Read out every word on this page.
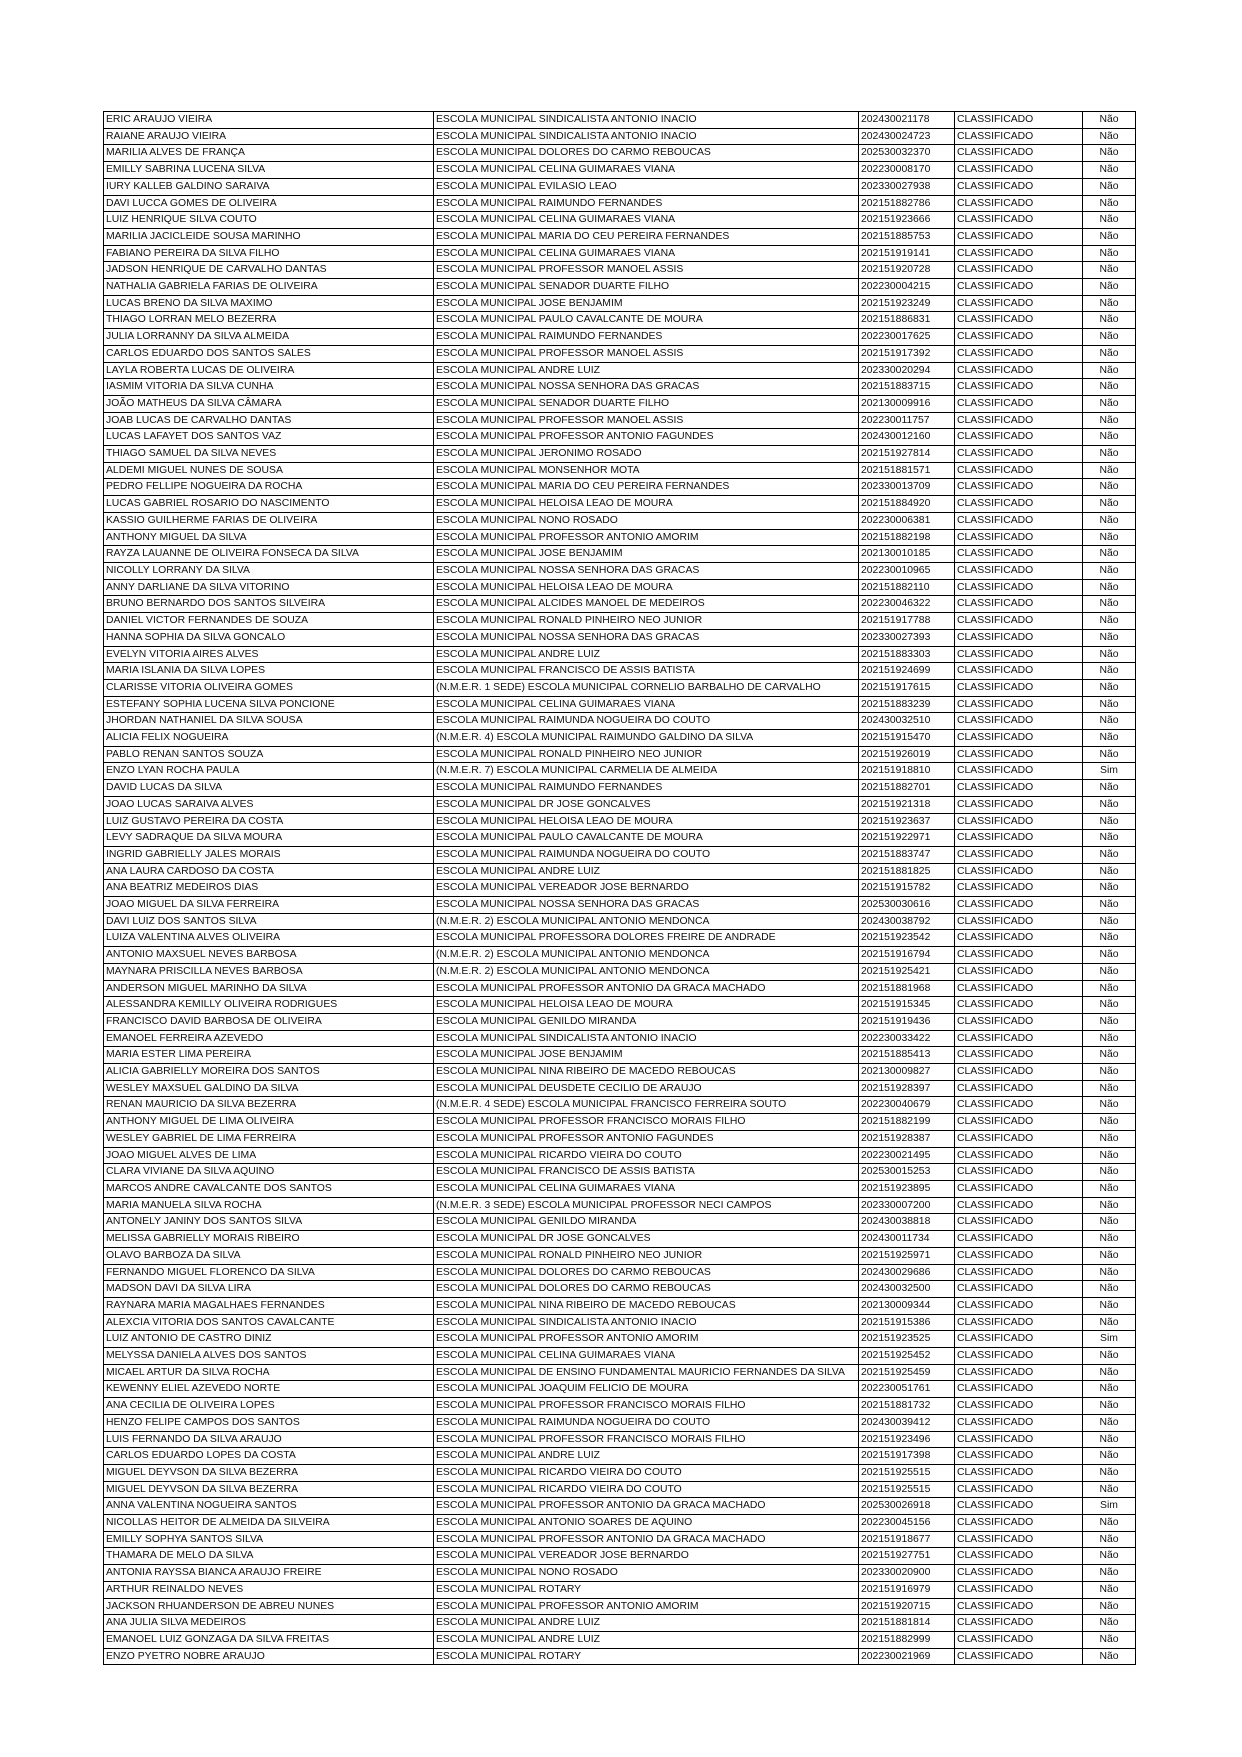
ERIC ARAUJO VIEIRA	ESCOLA MUNICIPAL SINDICALISTA ANTONIO INACIO	202430021178	CLASSIFICADO	Não
RAIANE ARAUJO VIEIRA	ESCOLA MUNICIPAL SINDICALISTA ANTONIO INACIO	202430024723	CLASSIFICADO	Não
MARILIA ALVES DE FRANÇA	ESCOLA MUNICIPAL DOLORES DO CARMO REBOUCAS	202530032370	CLASSIFICADO	Não
EMILLY SABRINA LUCENA SILVA	ESCOLA MUNICIPAL CELINA GUIMARAES VIANA	202230008170	CLASSIFICADO	Não
IURY KALLEB GALDINO SARAIVA	ESCOLA MUNICIPAL EVILASIO LEAO	202330027938	CLASSIFICADO	Não
DAVI LUCCA GOMES DE OLIVEIRA	ESCOLA MUNICIPAL RAIMUNDO FERNANDES	202151882786	CLASSIFICADO	Não
LUIZ HENRIQUE SILVA COUTO	ESCOLA MUNICIPAL CELINA GUIMARAES VIANA	202151923666	CLASSIFICADO	Não
MARILIA JACICLEIDE SOUSA MARINHO	ESCOLA MUNICIPAL MARIA DO CEU PEREIRA FERNANDES	202151885753	CLASSIFICADO	Não
FABIANO PEREIRA DA SILVA FILHO	ESCOLA MUNICIPAL CELINA GUIMARAES VIANA	202151919141	CLASSIFICADO	Não
JADSON HENRIQUE DE CARVALHO DANTAS	ESCOLA MUNICIPAL PROFESSOR MANOEL ASSIS	202151920728	CLASSIFICADO	Não
NATHALIA GABRIELA FARIAS DE OLIVEIRA	ESCOLA MUNICIPAL SENADOR DUARTE FILHO	202230004215	CLASSIFICADO	Não
LUCAS BRENO DA SILVA MAXIMO	ESCOLA MUNICIPAL JOSE BENJAMIM	202151923249	CLASSIFICADO	Não
THIAGO LORRAN MELO BEZERRA	ESCOLA MUNICIPAL PAULO CAVALCANTE DE MOURA	202151886831	CLASSIFICADO	Não
JULIA LORRANNY DA SILVA ALMEIDA	ESCOLA MUNICIPAL RAIMUNDO FERNANDES	202230017625	CLASSIFICADO	Não
CARLOS EDUARDO DOS SANTOS SALES	ESCOLA MUNICIPAL PROFESSOR MANOEL ASSIS	202151917392	CLASSIFICADO	Não
LAYLA ROBERTA LUCAS DE OLIVEIRA	ESCOLA MUNICIPAL ANDRE LUIZ	202330020294	CLASSIFICADO	Não
IASMIM VITORIA DA SILVA CUNHA	ESCOLA MUNICIPAL NOSSA SENHORA DAS GRACAS	202151883715	CLASSIFICADO	Não
JOÃO MATHEUS DA SILVA CÂMARA	ESCOLA MUNICIPAL SENADOR DUARTE FILHO	202130009916	CLASSIFICADO	Não
JOAB LUCAS DE CARVALHO DANTAS	ESCOLA MUNICIPAL PROFESSOR MANOEL ASSIS	202230011757	CLASSIFICADO	Não
LUCAS LAFAYET DOS SANTOS VAZ	ESCOLA MUNICIPAL PROFESSOR ANTONIO FAGUNDES	202430012160	CLASSIFICADO	Não
THIAGO SAMUEL DA SILVA NEVES	ESCOLA MUNICIPAL JERONIMO ROSADO	202151927814	CLASSIFICADO	Não
ALDEMI MIGUEL NUNES DE SOUSA	ESCOLA MUNICIPAL MONSENHOR MOTA	202151881571	CLASSIFICADO	Não
PEDRO FELLIPE NOGUEIRA DA ROCHA	ESCOLA MUNICIPAL MARIA DO CEU PEREIRA FERNANDES	202330013709	CLASSIFICADO	Não
LUCAS GABRIEL ROSARIO DO NASCIMENTO	ESCOLA MUNICIPAL HELOISA LEAO DE MOURA	202151884920	CLASSIFICADO	Não
KASSIO GUILHERME FARIAS DE OLIVEIRA	ESCOLA MUNICIPAL NONO ROSADO	202230006381	CLASSIFICADO	Não
ANTHONY MIGUEL DA SILVA	ESCOLA MUNICIPAL PROFESSOR ANTONIO AMORIM	202151882198	CLASSIFICADO	Não
RAYZA LAUANNE DE OLIVEIRA FONSECA DA SILVA	ESCOLA MUNICIPAL JOSE BENJAMIM	202130010185	CLASSIFICADO	Não
NICOLLY LORRANY DA SILVA	ESCOLA MUNICIPAL NOSSA SENHORA DAS GRACAS	202230010965	CLASSIFICADO	Não
ANNY DARLIANE DA SILVA VITORINO	ESCOLA MUNICIPAL HELOISA LEAO DE MOURA	202151882110	CLASSIFICADO	Não
BRUNO BERNARDO DOS SANTOS SILVEIRA	ESCOLA MUNICIPAL ALCIDES MANOEL DE MEDEIROS	202230046322	CLASSIFICADO	Não
DANIEL VICTOR FERNANDES DE SOUZA	ESCOLA MUNICIPAL RONALD PINHEIRO NEO JUNIOR	202151917788	CLASSIFICADO	Não
HANNA SOPHIA DA SILVA GONCALO	ESCOLA MUNICIPAL NOSSA SENHORA DAS GRACAS	202330027393	CLASSIFICADO	Não
EVELYN VITORIA AIRES ALVES	ESCOLA MUNICIPAL ANDRE LUIZ	202151883303	CLASSIFICADO	Não
MARIA ISLANIA DA SILVA LOPES	ESCOLA MUNICIPAL FRANCISCO DE ASSIS BATISTA	202151924699	CLASSIFICADO	Não
CLARISSE VITORIA OLIVEIRA GOMES	(N.M.E.R. 1 SEDE) ESCOLA MUNICIPAL CORNELIO BARBALHO DE CARVALHO	202151917615	CLASSIFICADO	Não
ESTEFANY SOPHIA LUCENA SILVA PONCIONE	ESCOLA MUNICIPAL CELINA GUIMARAES VIANA	202151883239	CLASSIFICADO	Não
JHORDAN NATHANIEL DA SILVA SOUSA	ESCOLA MUNICIPAL RAIMUNDA NOGUEIRA DO COUTO	202430032510	CLASSIFICADO	Não
ALICIA FELIX NOGUEIRA	(N.M.E.R. 4) ESCOLA MUNICIPAL RAIMUNDO GALDINO DA SILVA	202151915470	CLASSIFICADO	Não
PABLO RENAN SANTOS SOUZA	ESCOLA MUNICIPAL RONALD PINHEIRO NEO JUNIOR	202151926019	CLASSIFICADO	Não
ENZO LYAN ROCHA PAULA	(N.M.E.R. 7) ESCOLA MUNICIPAL CARMELIA DE ALMEIDA	202151918810	CLASSIFICADO	Sim
DAVID LUCAS DA SILVA	ESCOLA MUNICIPAL RAIMUNDO FERNANDES	202151882701	CLASSIFICADO	Não
JOAO LUCAS SARAIVA ALVES	ESCOLA MUNICIPAL DR JOSE GONCALVES	202151921318	CLASSIFICADO	Não
LUIZ GUSTAVO PEREIRA DA COSTA	ESCOLA MUNICIPAL HELOISA LEAO DE MOURA	202151923637	CLASSIFICADO	Não
LEVY SADRAQUE DA SILVA MOURA	ESCOLA MUNICIPAL PAULO CAVALCANTE DE MOURA	202151922971	CLASSIFICADO	Não
INGRID GABRIELLY JALES MORAIS	ESCOLA MUNICIPAL RAIMUNDA NOGUEIRA DO COUTO	202151883747	CLASSIFICADO	Não
ANA LAURA CARDOSO DA COSTA	ESCOLA MUNICIPAL ANDRE LUIZ	202151881825	CLASSIFICADO	Não
ANA BEATRIZ MEDEIROS DIAS	ESCOLA MUNICIPAL VEREADOR JOSE BERNARDO	202151915782	CLASSIFICADO	Não
JOAO MIGUEL DA SILVA FERREIRA	ESCOLA MUNICIPAL NOSSA SENHORA DAS GRACAS	202530030616	CLASSIFICADO	Não
DAVI LUIZ DOS SANTOS SILVA	(N.M.E.R. 2) ESCOLA MUNICIPAL ANTONIO MENDONCA	202430038792	CLASSIFICADO	Não
LUIZA VALENTINA ALVES OLIVEIRA	ESCOLA MUNICIPAL PROFESSORA DOLORES FREIRE DE ANDRADE	202151923542	CLASSIFICADO	Não
ANTONIO MAXSUEL NEVES BARBOSA	(N.M.E.R. 2) ESCOLA MUNICIPAL ANTONIO MENDONCA	202151916794	CLASSIFICADO	Não
MAYNARA PRISCILLA NEVES BARBOSA	(N.M.E.R. 2) ESCOLA MUNICIPAL ANTONIO MENDONCA	202151925421	CLASSIFICADO	Não
ANDERSON MIGUEL MARINHO DA SILVA	ESCOLA MUNICIPAL PROFESSOR ANTONIO DA GRACA MACHADO	202151881968	CLASSIFICADO	Não
ALESSANDRA KEMILLY OLIVEIRA RODRIGUES	ESCOLA MUNICIPAL HELOISA LEAO DE MOURA	202151915345	CLASSIFICADO	Não
FRANCISCO DAVID BARBOSA DE OLIVEIRA	ESCOLA MUNICIPAL GENILDO MIRANDA	202151919436	CLASSIFICADO	Não
EMANOEL FERREIRA AZEVEDO	ESCOLA MUNICIPAL SINDICALISTA ANTONIO INACIO	202230033422	CLASSIFICADO	Não
MARIA ESTER LIMA PEREIRA	ESCOLA MUNICIPAL JOSE BENJAMIM	202151885413	CLASSIFICADO	Não
ALICIA GABRIELLY MOREIRA DOS SANTOS	ESCOLA MUNICIPAL NINA RIBEIRO DE MACEDO REBOUCAS	202130009827	CLASSIFICADO	Não
WESLEY MAXSUEL GALDINO DA SILVA	ESCOLA MUNICIPAL DEUSDETE CECILIO DE ARAUJO	202151928397	CLASSIFICADO	Não
RENAN MAURICIO DA SILVA BEZERRA	(N.M.E.R. 4 SEDE) ESCOLA MUNICIPAL FRANCISCO FERREIRA SOUTO	202230040679	CLASSIFICADO	Não
ANTHONY MIGUEL DE LIMA OLIVEIRA	ESCOLA MUNICIPAL PROFESSOR FRANCISCO MORAIS FILHO	202151882199	CLASSIFICADO	Não
WESLEY GABRIEL DE LIMA FERREIRA	ESCOLA MUNICIPAL PROFESSOR ANTONIO FAGUNDES	202151928387	CLASSIFICADO	Não
JOAO MIGUEL ALVES DE LIMA	ESCOLA MUNICIPAL RICARDO VIEIRA DO COUTO	202230021495	CLASSIFICADO	Não
CLARA VIVIANE DA SILVA AQUINO	ESCOLA MUNICIPAL FRANCISCO DE ASSIS BATISTA	202530015253	CLASSIFICADO	Não
MARCOS ANDRE CAVALCANTE DOS SANTOS	ESCOLA MUNICIPAL CELINA GUIMARAES VIANA	202151923895	CLASSIFICADO	Não
MARIA MANUELA SILVA ROCHA	(N.M.E.R. 3 SEDE) ESCOLA MUNICIPAL PROFESSOR NECI CAMPOS	202330007200	CLASSIFICADO	Não
ANTONELY JANINY DOS SANTOS SILVA	ESCOLA MUNICIPAL GENILDO MIRANDA	202430038818	CLASSIFICADO	Não
MELISSA GABRIELLY MORAIS RIBEIRO	ESCOLA MUNICIPAL DR JOSE GONCALVES	202430011734	CLASSIFICADO	Não
OLAVO BARBOZA DA SILVA	ESCOLA MUNICIPAL RONALD PINHEIRO NEO JUNIOR	202151925971	CLASSIFICADO	Não
FERNANDO MIGUEL FLORENCO DA SILVA	ESCOLA MUNICIPAL DOLORES DO CARMO REBOUCAS	202430029686	CLASSIFICADO	Não
MADSON DAVI DA SILVA LIRA	ESCOLA MUNICIPAL DOLORES DO CARMO REBOUCAS	202430032500	CLASSIFICADO	Não
RAYNARA MARIA MAGALHAES FERNANDES	ESCOLA MUNICIPAL NINA RIBEIRO DE MACEDO REBOUCAS	202130009344	CLASSIFICADO	Não
ALEXCIA VITORIA DOS SANTOS CAVALCANTE	ESCOLA MUNICIPAL SINDICALISTA ANTONIO INACIO	202151915386	CLASSIFICADO	Não
LUIZ ANTONIO DE CASTRO DINIZ	ESCOLA MUNICIPAL PROFESSOR ANTONIO AMORIM	202151923525	CLASSIFICADO	Sim
MELYSSA DANIELA ALVES DOS SANTOS	ESCOLA MUNICIPAL CELINA GUIMARAES VIANA	202151925452	CLASSIFICADO	Não
MICAEL ARTUR DA SILVA ROCHA	ESCOLA MUNICIPAL DE ENSINO FUNDAMENTAL MAURICIO FERNANDES DA SILVA	202151925459	CLASSIFICADO	Não
KEWENNY ELIEL AZEVEDO NORTE	ESCOLA MUNICIPAL JOAQUIM FELICIO DE MOURA	202230051761	CLASSIFICADO	Não
ANA CECILIA DE OLIVEIRA LOPES	ESCOLA MUNICIPAL PROFESSOR FRANCISCO MORAIS FILHO	202151881732	CLASSIFICADO	Não
HENZO FELIPE CAMPOS DOS SANTOS	ESCOLA MUNICIPAL RAIMUNDA NOGUEIRA DO COUTO	202430039412	CLASSIFICADO	Não
LUIS FERNANDO DA SILVA ARAUJO	ESCOLA MUNICIPAL PROFESSOR FRANCISCO MORAIS FILHO	202151923496	CLASSIFICADO	Não
CARLOS EDUARDO LOPES DA COSTA	ESCOLA MUNICIPAL ANDRE LUIZ	202151917398	CLASSIFICADO	Não
MIGUEL DEYVSON DA SILVA BEZERRA	ESCOLA MUNICIPAL RICARDO VIEIRA DO COUTO	202151925515	CLASSIFICADO	Não
MIGUEL DEYVSON DA SILVA BEZERRA	ESCOLA MUNICIPAL RICARDO VIEIRA DO COUTO	202151925515	CLASSIFICADO	Não
ANNA VALENTINA NOGUEIRA SANTOS	ESCOLA MUNICIPAL PROFESSOR ANTONIO DA GRACA MACHADO	202530026918	CLASSIFICADO	Sim
NICOLLAS HEITOR DE ALMEIDA DA SILVEIRA	ESCOLA MUNICIPAL ANTONIO SOARES DE AQUINO	202230045156	CLASSIFICADO	Não
EMILLY SOPHYA SANTOS SILVA	ESCOLA MUNICIPAL PROFESSOR ANTONIO DA GRACA MACHADO	202151918677	CLASSIFICADO	Não
THAMARA DE MELO DA SILVA	ESCOLA MUNICIPAL VEREADOR JOSE BERNARDO	202151927751	CLASSIFICADO	Não
ANTONIA RAYSSA BIANCA ARAUJO FREIRE	ESCOLA MUNICIPAL NONO ROSADO	202330020900	CLASSIFICADO	Não
ARTHUR REINALDO NEVES	ESCOLA MUNICIPAL ROTARY	202151916979	CLASSIFICADO	Não
JACKSON RHUANDERSON DE ABREU NUNES	ESCOLA MUNICIPAL PROFESSOR ANTONIO AMORIM	202151920715	CLASSIFICADO	Não
ANA JULIA SILVA MEDEIROS	ESCOLA MUNICIPAL ANDRE LUIZ	202151881814	CLASSIFICADO	Não
EMANOEL LUIZ GONZAGA DA SILVA FREITAS	ESCOLA MUNICIPAL ANDRE LUIZ	202151882999	CLASSIFICADO	Não
ENZO PYETRO NOBRE ARAUJO	ESCOLA MUNICIPAL ROTARY	202230021969	CLASSIFICADO	Não
